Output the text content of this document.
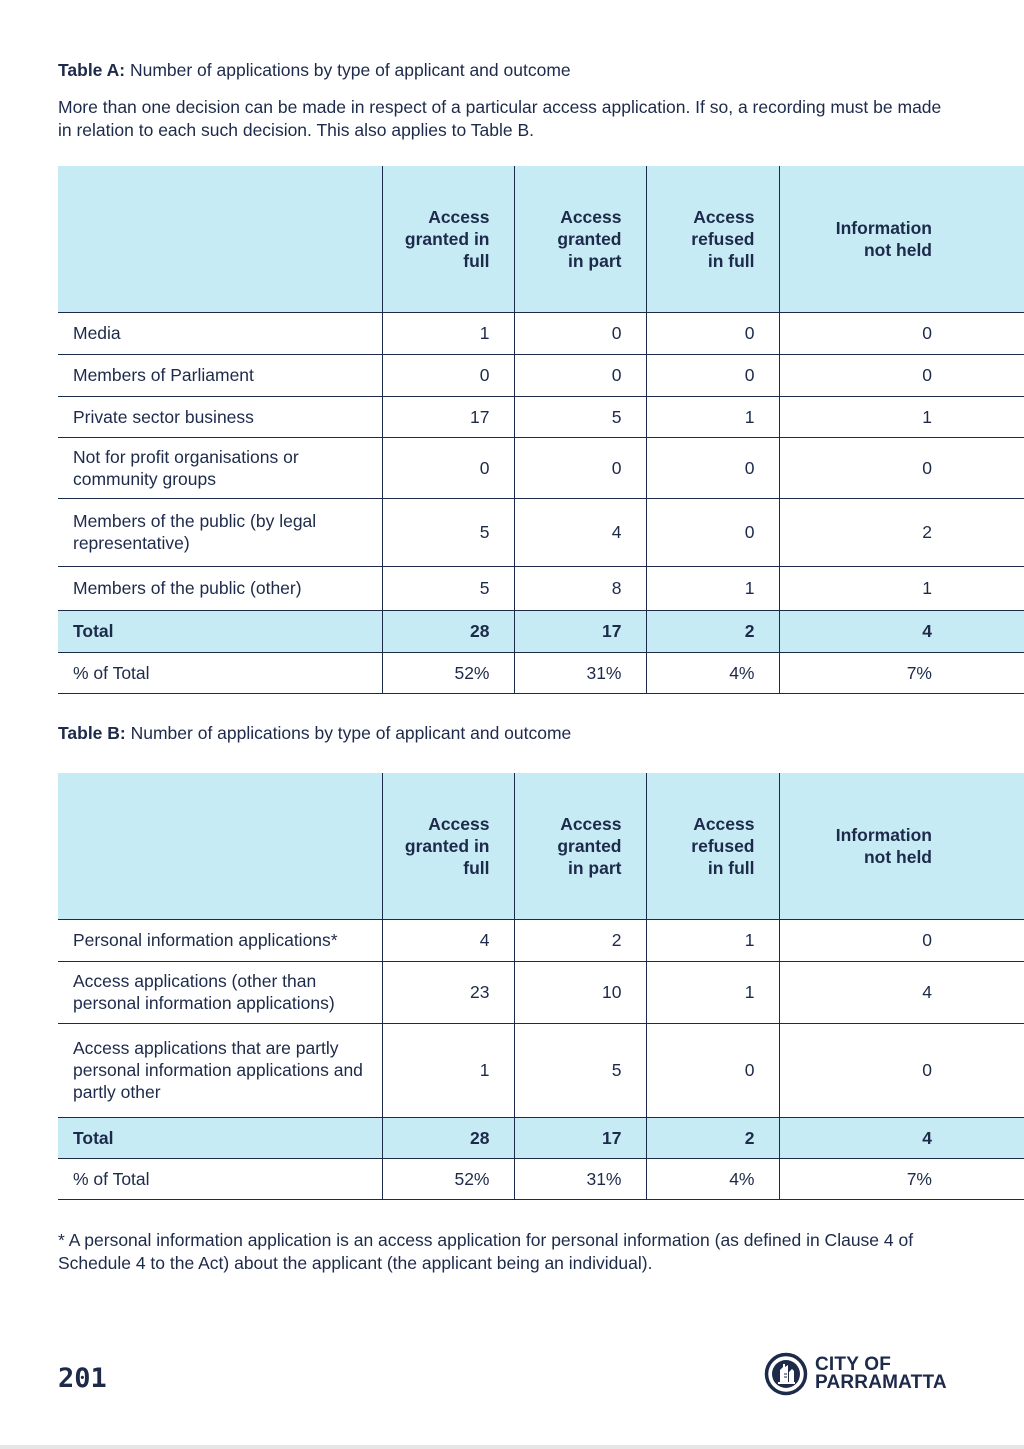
Table A: Number of applications by type of applicant and outcome
More than one decision can be made in respect of a particular access application. If so, a recording must be made in relation to each such decision. This also applies to Table B.
	Access granted in full	Access granted in part	Access refused in full	Information not held
Media	1	0	0	0
Members of Parliament	0	0	0	0
Private sector business	17	5	1	1

Not for profit organisations or community groups	0	0	0	0

Members of the public (by legal representative)	5	4	0	2
Members of the public (other)	5	8	1	1
Total	28	17	2	4
% of Total	52%	31%	4%	7%
Table B: Number of applications by type of applicant and outcome
	Access granted in full	Access granted in part	Access refused in full	Information not held
Personal information applications*	4	2	1	0

Access applications (other than personal information applications)	23	10	1	4

Access applications that are partly personal information applications and partly other	1	5	0	0
Total	28	17	2	4
% of Total	52%	31%	4%	7%
* A personal information application is an access application for personal information (as defined in Clause 4 of Schedule 4 to the Act) about the applicant (the applicant being an individual).
201	CITY OF
PARRAMATTA
